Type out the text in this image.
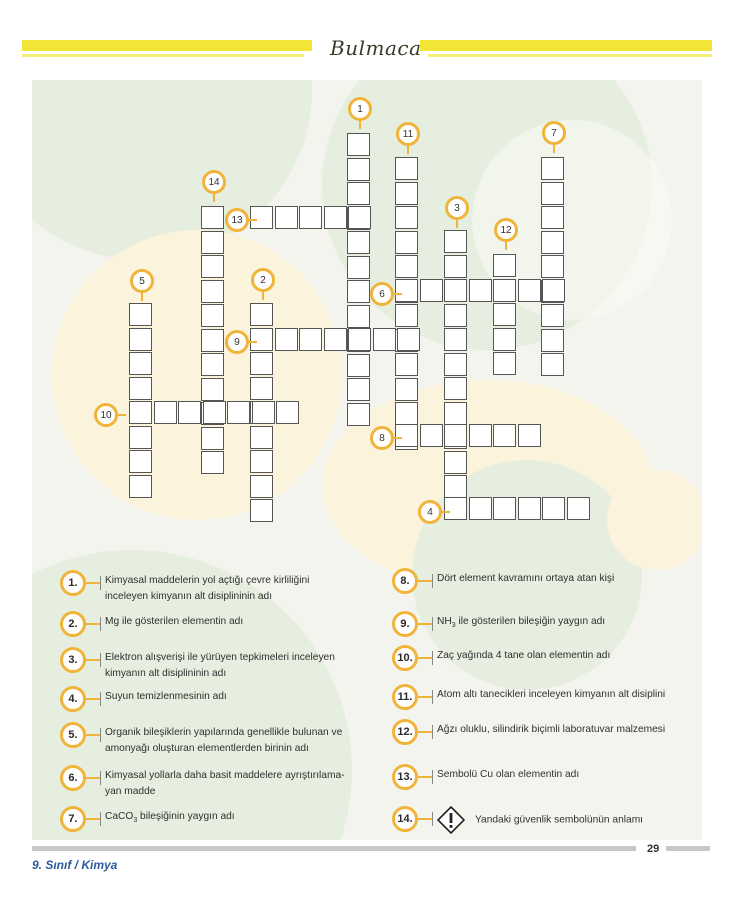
Bulmaca
1
2
3
5
7
11
12
14
4
6
8
9
10
13
1.	Kimyasal maddelerin yol açtığı çevre kirliliğini
inceleyen kimyanın alt disiplininin adı
2.	Mg ile gösterilen elementin adı
3.	Elektron alışverişi ile yürüyen tepkimeleri inceleyen
kimyanın alt disiplininin adı
4.	Suyun temizlenmesinin adı
5.	Organik bileşiklerin yapılarında genellikle bulunan ve
amonyağı oluşturan elementlerden birinin adı
6.	Kimyasal yollarla daha basit maddelere ayrıştırılama-
yan madde
7.	CaCO$_3$ bileşiğinin yaygın adı
8.	Dört element kavramını ortaya atan kişi
9.	$NH_3$ ile gösterilen bileşiğin yaygın adı
10.	Zaç yağında 4 tane olan elementin adı
11.	Atom altı tanecikleri inceleyen kimyanın alt disiplini
12.	Ağzı oluklu, silindirik biçimli laboratuvar malzemesi
13.	Sembolü Cu olan elementin adı
14.	Yandaki güvenlik sembolünün anlamı
29
9. Sınıf / Kimya
